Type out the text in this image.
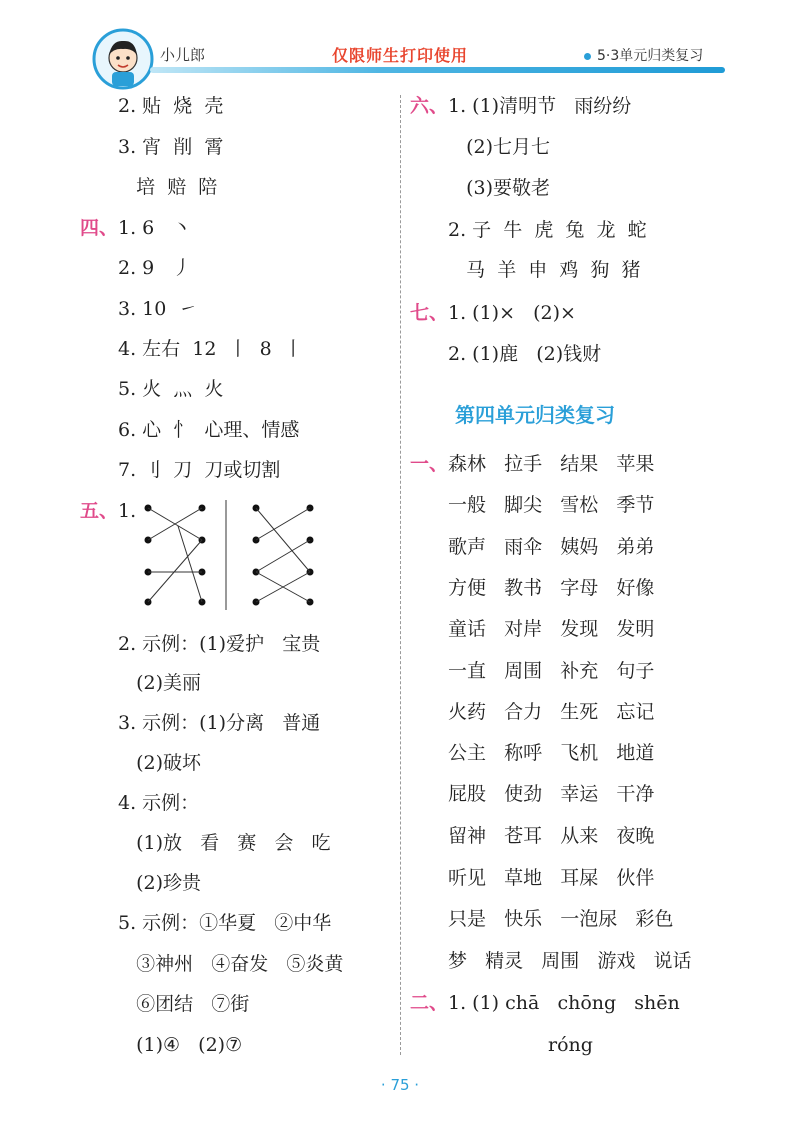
小儿郎	仅限师生打印使用	5·3单元归类复习
2. 贴  烧  壳
3. 宵  削  霄
培  赔  陪
四、 1. 6   丶
2. 9   丿
3. 10  ㇀
4. 左右  12  丨  8  丨
5. 火  灬  火
6. 心  忄  心理、情感
7. 刂  刀  刀或切割
五、 1.
2. 示例：(1)爱护   宝贵
(2)美丽
3. 示例：(1)分离   普通
(2)破坏
4. 示例：
(1)放   看   赛   会   吃
(2)珍贵
5. 示例：①华夏   ②中华
③神州   ④奋发   ⑤炎黄
⑥团结   ⑦街
(1)④   (2)⑦
六、 1. (1)清明节   雨纷纷
(2)七月七
(3)要敬老
2. 子  牛  虎  兔  龙  蛇
马  羊  申  鸡  狗  猪
七、 1. (1)×   (2)×
2. (1)鹿   (2)钱财
第四单元归类复习
一、 森林   拉手   结果   苹果
一般   脚尖   雪松   季节
歌声   雨伞   姨妈   弟弟
方便   教书   字母   好像
童话   对岸   发现   发明
一直   周围   补充   句子
火药   合力   生死   忘记
公主   称呼   飞机   地道
屁股   使劲   幸运   干净
留神   苍耳   从来   夜晚
听见   草地   耳屎   伙伴
只是   快乐   一泡尿   彩色
梦   精灵   周围   游戏   说话
二、 1. (1) chā   chōng   shēn
róng
· 75 ·
